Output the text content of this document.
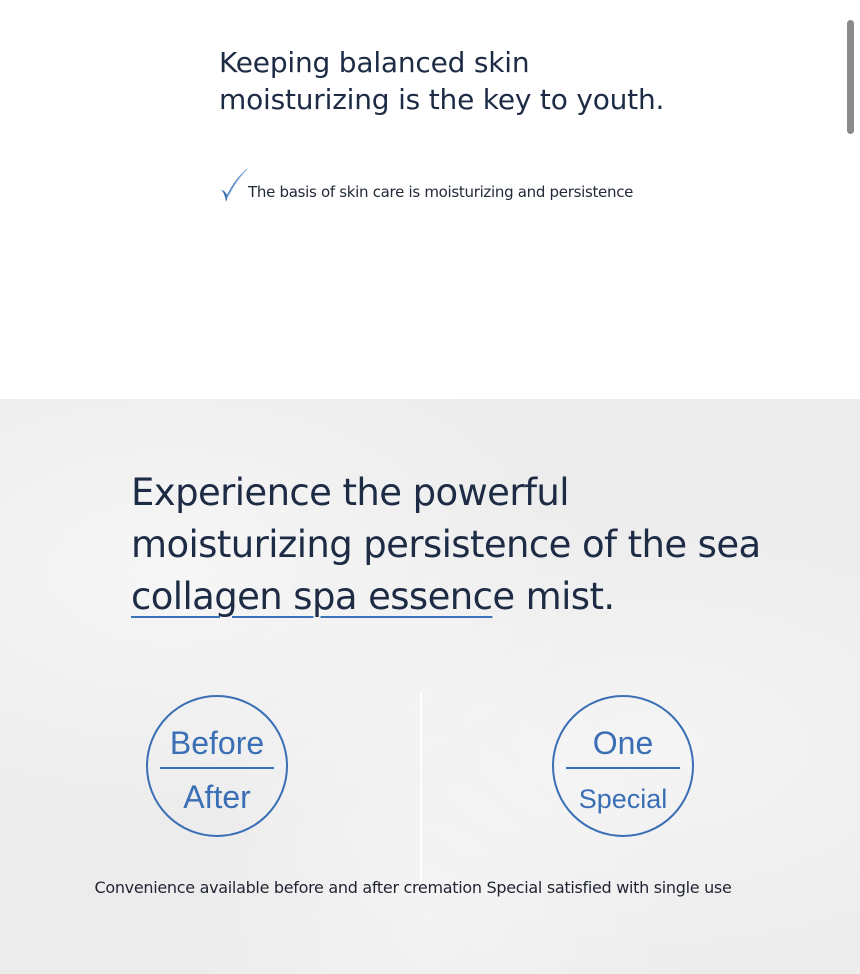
Keeping balanced skin
moisturizing is the key to youth.
The basis of skin care is moisturizing and persistence
Experience the powerful
moisturizing persistence of the sea
collagen spa essence mist.
Before
After
One
Special
Convenience available before and after cremation Special satisfied with single use
